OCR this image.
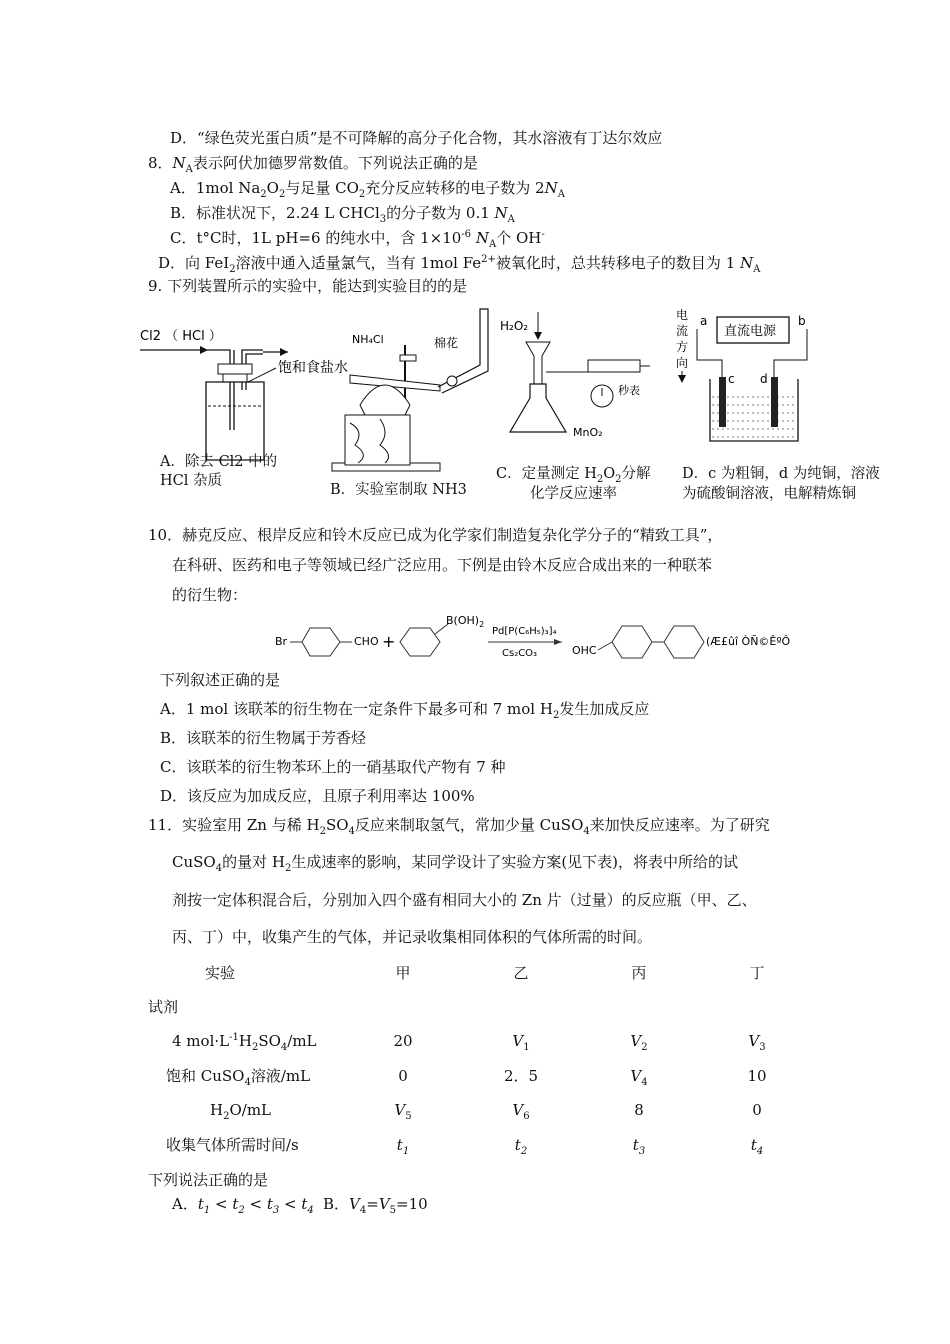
D．“绿色荧光蛋白质”是不可降解的高分子化合物，其水溶液有丁达尔效应
8．$N_A$表示阿伏加德罗常数值。下列说法正确的是
A．1mol $Na_2O_2$与足量 $CO_2$充分反应转移的电子数为 $2N_A$
B．标准状况下，2.24 L CHCl$_3$的分子数为 0.1 $N_A$
C．t°C时，1L pH=6 的纯水中，含 $1\times 10^{-6}$ $N_A$个 OH-
D．向 FeI$_2$溶液中通入适量氯气，当有 1mol $Fe^{2+}$被氧化时，总共转移电子的数目为 1 $N_A$
9. 下列装置所示的实验中，能达到实验目的的是
Cl2 （ HCl ）
饱和食盐水
A．除去 Cl2 中的
HCl 杂质
NH₄Cl	棉花
B．实验室制取 NH3
H₂O₂
秒表
MnO₂
C．定量测定 $H_2O_2$分解
化学反应速率
电
流
方
向
a	b
直流电源
c d
D．c 为粗铜，d 为纯铜，溶液
为硫酸铜溶液，电解精炼铜
10．赫克反应、根岸反应和铃木反应已成为化学家们制造复杂化学分子的“精致工具”，
在科研、医药和电子等领域已经广泛应用。下例是由铃木反应合成出来的一种联苯
的衍生物：
Br	CHO +
$B(OH)_2$
Pd[P(C₆H₅)₃]₄
Cs₂CO₃	OHC
(Æ£ûî ÒÑ©ÊºÔ
下列叙述正确的是
A．1 mol 该联苯的衍生物在一定条件下最多可和 7 mol $H_2$发生加成反应
B．该联苯的衍生物属于芳香烃
C．该联苯的衍生物苯环上的一硝基取代产物有 7 种
D．该反应为加成反应，且原子利用率达 100%
11．实验室用 Zn 与稀 $H_2SO_4$反应来制取氢气，常加少量 CuSO$_4$来加快反应速率。为了研究
CuSO$_4$的量对 $H_2$生成速率的影响，某同学设计了实验方案(见下表)，将表中所给的试
剂按一定体积混合后，分别加入四个盛有相同大小的 Zn 片（过量）的反应瓶（甲、乙、
丙、丁）中，收集产生的气体，并记录收集相同体积的气体所需的时间。
实验	甲	乙	丙	丁
试剂
4 $mol\cdot L^{-1}H_2SO_4/mL$	20	$V_1$	$V_2$	$V_3$
饱和 CuSO$_4$溶液/mL	0	2．5	$V_4$	10
$H_2O/mL$	$V_5$	$V_6$	8	0
收集气体所需时间/s	$t_1$	$t_2$	$t_3$	$t_4$
下列说法正确的是
A．$t_1 < t_2 < t_3 < t_4$ B．$V_4=V_5=10$
